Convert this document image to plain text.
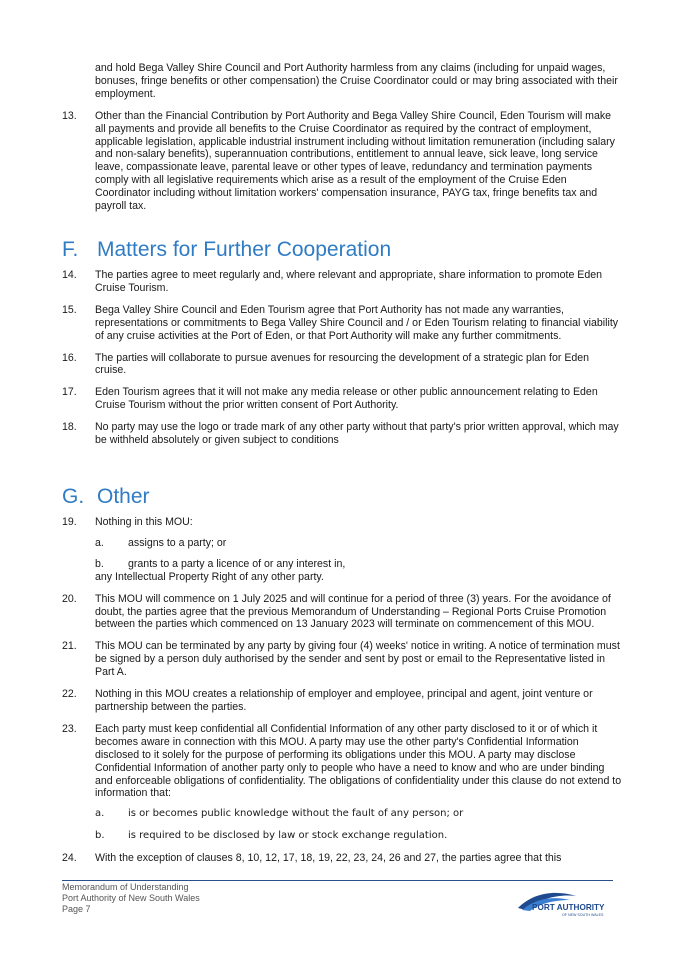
and hold Bega Valley Shire Council and Port Authority harmless from any claims (including for unpaid wages, bonuses, fringe benefits or other compensation) the Cruise Coordinator could or may bring associated with their employment.
13. Other than the Financial Contribution by Port Authority and Bega Valley Shire Council, Eden Tourism will make all payments and provide all benefits to the Cruise Coordinator as required by the contract of employment, applicable legislation, applicable industrial instrument including without limitation remuneration (including salary and non-salary benefits), superannuation contributions, entitlement to annual leave, sick leave, long service leave, compassionate leave, parental leave or other types of leave, redundancy and termination payments comply with all legislative requirements which arise as a result of the employment of the Cruise Eden Coordinator including without limitation workers' compensation insurance, PAYG tax, fringe benefits tax and payroll tax.
F. Matters for Further Cooperation
14. The parties agree to meet regularly and, where relevant and appropriate, share information to promote Eden Cruise Tourism.
15. Bega Valley Shire Council and Eden Tourism agree that Port Authority has not made any warranties, representations or commitments to Bega Valley Shire Council and / or Eden Tourism relating to financial viability of any cruise activities at the Port of Eden, or that Port Authority will make any further commitments.
16. The parties will collaborate to pursue avenues for resourcing the development of a strategic plan for Eden cruise.
17. Eden Tourism agrees that it will not make any media release or other public announcement relating to Eden Cruise Tourism without the prior written consent of Port Authority.
18. No party may use the logo or trade mark of any other party without that party's prior written approval, which may be withheld absolutely or given subject to conditions
G. Other
19. Nothing in this MOU:
a. assigns to a party; or
b. grants to a party a licence of or any interest in,
any Intellectual Property Right of any other party.
20. This MOU will commence on 1 July 2025 and will continue for a period of three (3) years. For the avoidance of doubt, the parties agree that the previous Memorandum of Understanding – Regional Ports Cruise Promotion between the parties which commenced on 13 January 2023 will terminate on commencement of this MOU.
21. This MOU can be terminated by any party by giving four (4) weeks' notice in writing. A notice of termination must be signed by a person duly authorised by the sender and sent by post or email to the Representative listed in Part A.
22. Nothing in this MOU creates a relationship of employer and employee, principal and agent, joint venture or partnership between the parties.
23. Each party must keep confidential all Confidential Information of any other party disclosed to it or of which it becomes aware in connection with this MOU. A party may use the other party's Confidential Information disclosed to it solely for the purpose of performing its obligations under this MOU. A party may disclose Confidential Information of another party only to people who have a need to know and who are under binding and enforceable obligations of confidentiality. The obligations of confidentiality under this clause do not extend to information that:
a. is or becomes public knowledge without the fault of any person; or
b. is required to be disclosed by law or stock exchange regulation.
24. With the exception of clauses 8, 10, 12, 17, 18, 19, 22, 23, 24, 26 and 27, the parties agree that this
Memorandum of Understanding
Port Authority of New South Wales
Page 7	PORT AUTHORITY
OF NEW SOUTH WALES
